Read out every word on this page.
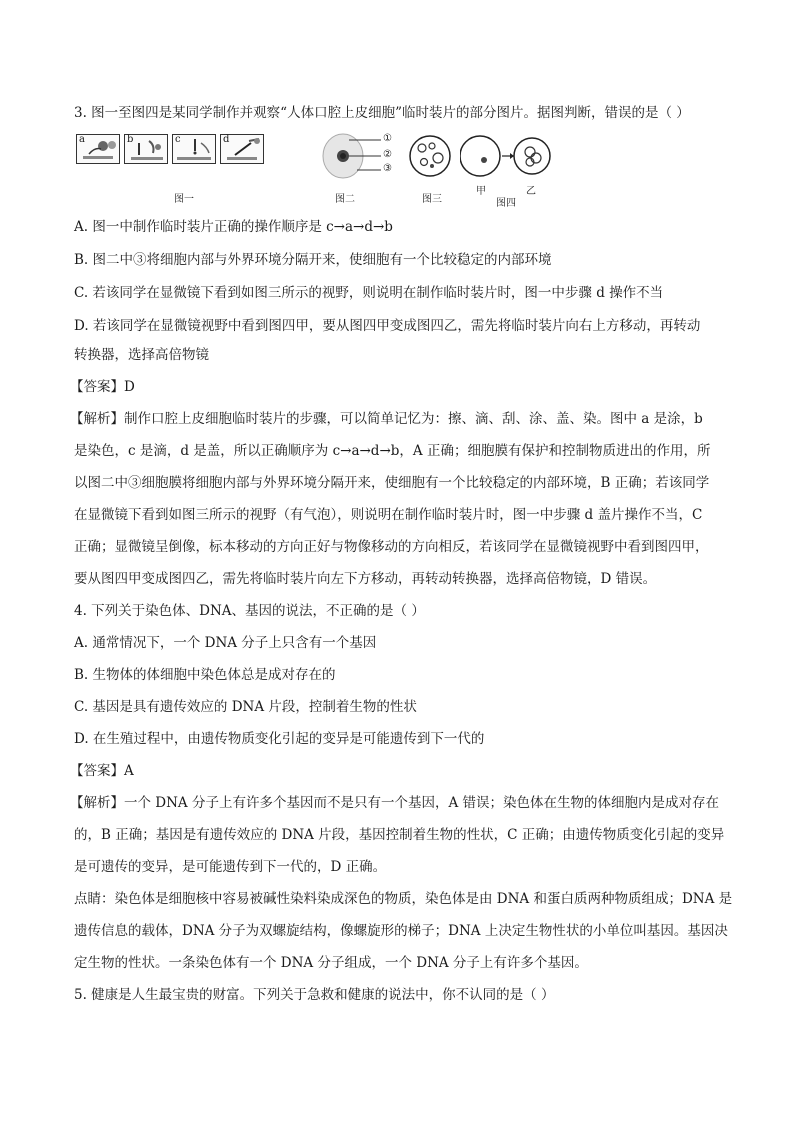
3. 图一至图四是某同学制作并观察“人体口腔上皮细胞”临时装片的部分图片。据图判断，错误的是（ ）
a	b	c	d
图一
①
②
③
图二	图三
甲	乙
图四
A. 图一中制作临时装片正确的操作顺序是 c→a→d→b
B. 图二中③将细胞内部与外界环境分隔开来，使细胞有一个比较稳定的内部环境
C. 若该同学在显微镜下看到如图三所示的视野，则说明在制作临时装片时，图一中步骤 d 操作不当
D. 若该同学在显微镜视野中看到图四甲，要从图四甲变成图四乙，需先将临时装片向右上方移动，再转动
转换器，选择高倍物镜
【答案】D
【解析】制作口腔上皮细胞临时装片的步骤，可以简单记忆为：擦、滴、刮、涂、盖、染。图中 a 是涂，b
是染色，c 是滴，d 是盖，所以正确顺序为 c→a→d→b，A 正确；细胞膜有保护和控制物质进出的作用，所
以图二中③细胞膜将细胞内部与外界环境分隔开来，使细胞有一个比较稳定的内部环境，B 正确；若该同学
在显微镜下看到如图三所示的视野（有气泡），则说明在制作临时装片时，图一中步骤 d 盖片操作不当，C
正确；显微镜呈倒像，标本移动的方向正好与物像移动的方向相反，若该同学在显微镜视野中看到图四甲，
要从图四甲变成图四乙，需先将临时装片向左下方移动，再转动转换器，选择高倍物镜，D 错误。
4. 下列关于染色体、DNA、基因的说法，不正确的是（ ）
A. 通常情况下，一个 DNA 分子上只含有一个基因
B. 生物体的体细胞中染色体总是成对存在的
C. 基因是具有遗传效应的 DNA 片段，控制着生物的性状
D. 在生殖过程中，由遗传物质变化引起的变异是可能遗传到下一代的
【答案】A
【解析】一个 DNA 分子上有许多个基因而不是只有一个基因，A 错误；染色体在生物的体细胞内是成对存在
的，B 正确；基因是有遗传效应的 DNA 片段，基因控制着生物的性状，C 正确；由遗传物质变化引起的变异
是可遗传的变异，是可能遗传到下一代的，D 正确。
点睛：染色体是细胞核中容易被碱性染料染成深色的物质，染色体是由 DNA 和蛋白质两种物质组成；DNA 是
遗传信息的载体，DNA 分子为双螺旋结构，像螺旋形的梯子；DNA 上决定生物性状的小单位叫基因。基因决
定生物的性状。一条染色体有一个 DNA 分子组成，一个 DNA 分子上有许多个基因。
5. 健康是人生最宝贵的财富。下列关于急救和健康的说法中，你不认同的是（ ）
